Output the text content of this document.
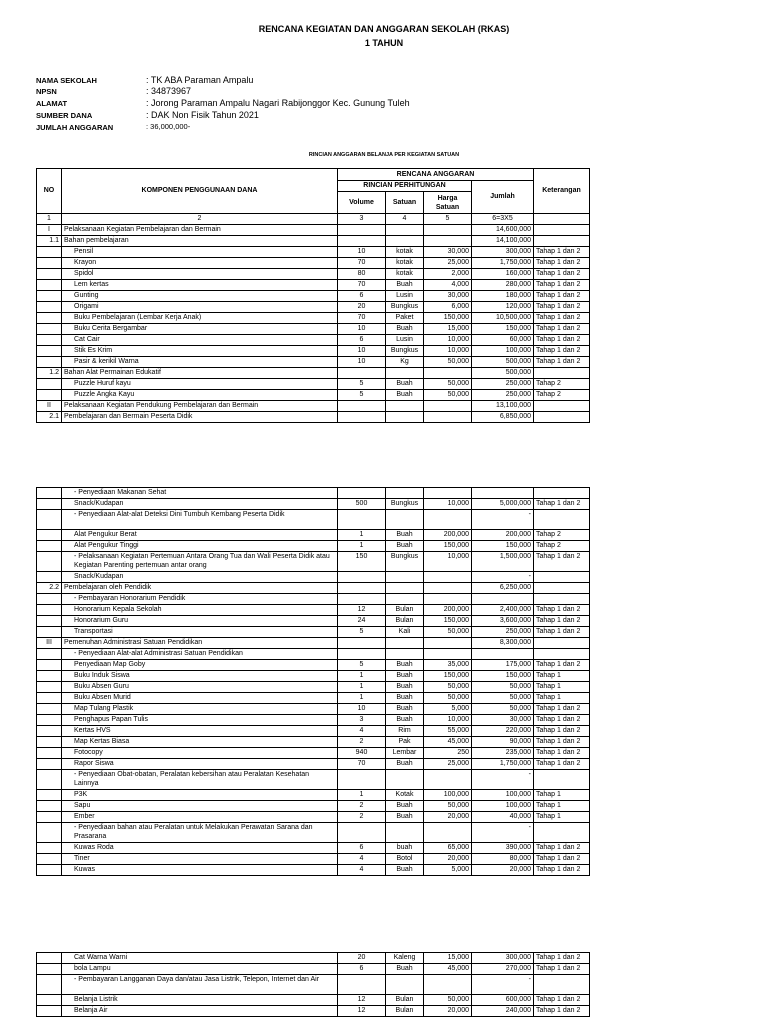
RENCANA KEGIATAN DAN ANGGARAN SEKOLAH (RKAS)
1 TAHUN
NAMA SEKOLAH	: TK ABA Paraman Ampalu
NPSN	: 34873967
ALAMAT	: Jorong Paraman Ampalu Nagari Rabijonggor Kec. Gunung Tuleh
SUMBER DANA	: DAK Non Fisik Tahun 2021
JUMLAH ANGGARAN	: 36,000,000-
RINCIAN ANGGARAN BELANJA PER KEGIATAN SATUAN
NO	KOMPONEN PENGGUNAAN DANA	RENCANA ANGGARAN				Keterangan
		RINCIAN PERHITUNGAN			Jumlah	
		Volume	Satuan	Harga Satuan		
1	2	3	4	5	6=3X5	
I	Pelaksanaan Kegiatan Pembelajaran dan Bermain				14,600,000	
1.1	Bahan pembelajaran				14,100,000	
	Pensil	10	kotak	30,000	300,000	Tahap 1 dan 2
	Krayon	70	kotak	25,000	1,750,000	Tahap 1 dan 2
	Spidol	80	kotak	2,000	160,000	Tahap 1 dan 2
	Lem kertas	70	Buah	4,000	280,000	Tahap 1 dan 2
	Gunting	6	Lusin	30,000	180,000	Tahap 1 dan 2
	Origami	20	Bungkus	6,000	120,000	Tahap 1 dan 2
	Buku Pembelajaran (Lembar Kerja Anak)	70	Paket	150,000	10,500,000	Tahap 1 dan 2
	Buku Cerita Bergambar	10	Buah	15,000	150,000	Tahap 1 dan 2
	Cat Cair	6	Lusin	10,000	60,000	Tahap 1 dan 2
	Stik Es Krim	10	Bungkus	10,000	100,000	Tahap 1 dan 2
	Pasir & kerikil Warna	10	Kg	50,000	500,000	Tahap 1 dan 2
1.2	Bahan Alat Permainan Edukatif				500,000	
	Puzzle Huruf kayu	5	Buah	50,000	250,000	Tahap 2
	Puzzle Angka Kayu	5	Buah	50,000	250,000	Tahap 2
II	Pelaksanaan Kegiatan Pendukung Pembelajaran dan Bermain				13,100,000	
2.1	Pembelajaran dan Bermain Peserta Didik				6,850,000	
	- Penyediaan Makanan Sehat					
	Snack/Kudapan	500	Bungkus	10,000	5,000,000	Tahap 1 dan 2
	- Penyediaan Alat-alat Deteksi Dini Tumbuh Kembang Peserta Didik				-	
	Alat Pengukur Berat	1	Buah	200,000	200,000	Tahap 2
	Alat Pengukur Tinggi	1	Buah	150,000	150,000	Tahap 2
	- Pelaksanaan Kegiatan Pertemuan Antara Orang Tua dan Wali Peserta Didik atau Kegiatan Parenting pertemuan antar orang	150	Bungkus	10,000	1,500,000	Tahap 1 dan 2
	Snack/Kudapan				-	
2.2	Pembelajaran oleh Pendidik				6,250,000	
	- Pembayaran Honorarium Pendidik					
	Honorarium Kepala Sekolah	12	Bulan	200,000	2,400,000	Tahap 1 dan 2
	Honorarium Guru	24	Bulan	150,000	3,600,000	Tahap 1 dan 2
	Transportasi	5	Kali	50,000	250,000	Tahap 1 dan 2
III	Pemenuhan Administrasi Satuan Pendidikan				8,300,000	
	- Penyediaan Alat-alat Administrasi Satuan Pendidikan					
	Penyediaan Map Goby	5	Buah	35,000	175,000	Tahap 1 dan 2
	Buku Induk Siswa	1	Buah	150,000	150,000	Tahap 1
	Buku Absen Guru	1	Buah	50,000	50,000	Tahap 1
	Buku Absen Murid	1	Buah	50,000	50,000	Tahap 1
	Map Tulang Plastik	10	Buah	5,000	50,000	Tahap 1 dan 2
	Penghapus Papan Tulis	3	Buah	10,000	30,000	Tahap 1 dan 2
	Kertas HVS	4	Rim	55,000	220,000	Tahap 1 dan 2
	Map Kertas Biasa	2	Pak	45,000	90,000	Tahap 1 dan 2
	Fotocopy	940	Lembar	250	235,000	Tahap 1 dan 2
	Rapor Siswa	70	Buah	25,000	1,750,000	Tahap 1 dan 2
	- Penyediaan Obat-obatan, Peralatan kebersihan atau Peralatan Kesehatan Lainnya				-	
	P3K	1	Kotak	100,000	100,000	Tahap 1
	Sapu	2	Buah	50,000	100,000	Tahap 1
	Ember	2	Buah	20,000	40,000	Tahap 1
	- Penyediaan bahan atau Peralatan untuk Melakukan Perawatan Sarana dan Prasarana				-	
	Kuwas Roda	6	buah	65,000	390,000	Tahap 1 dan 2
	Tiner	4	Botol	20,000	80,000	Tahap 1 dan 2
	Kuwas	4	Buah	5,000	20,000	Tahap 1 dan 2
	Cat Warna Warni	20	Kaleng	15,000	300,000	Tahap 1 dan 2
	bola Lampu	6	Buah	45,000	270,000	Tahap 1 dan 2
	- Pembayaran Langganan Daya dan/atau Jasa Listrik, Telepon, Internet dan Air				-	
	Belanja Listrik	12	Bulan	50,000	600,000	Tahap 1 dan 2
	Belanja Air	12	Bulan	20,000	240,000	Tahap 1 dan 2
